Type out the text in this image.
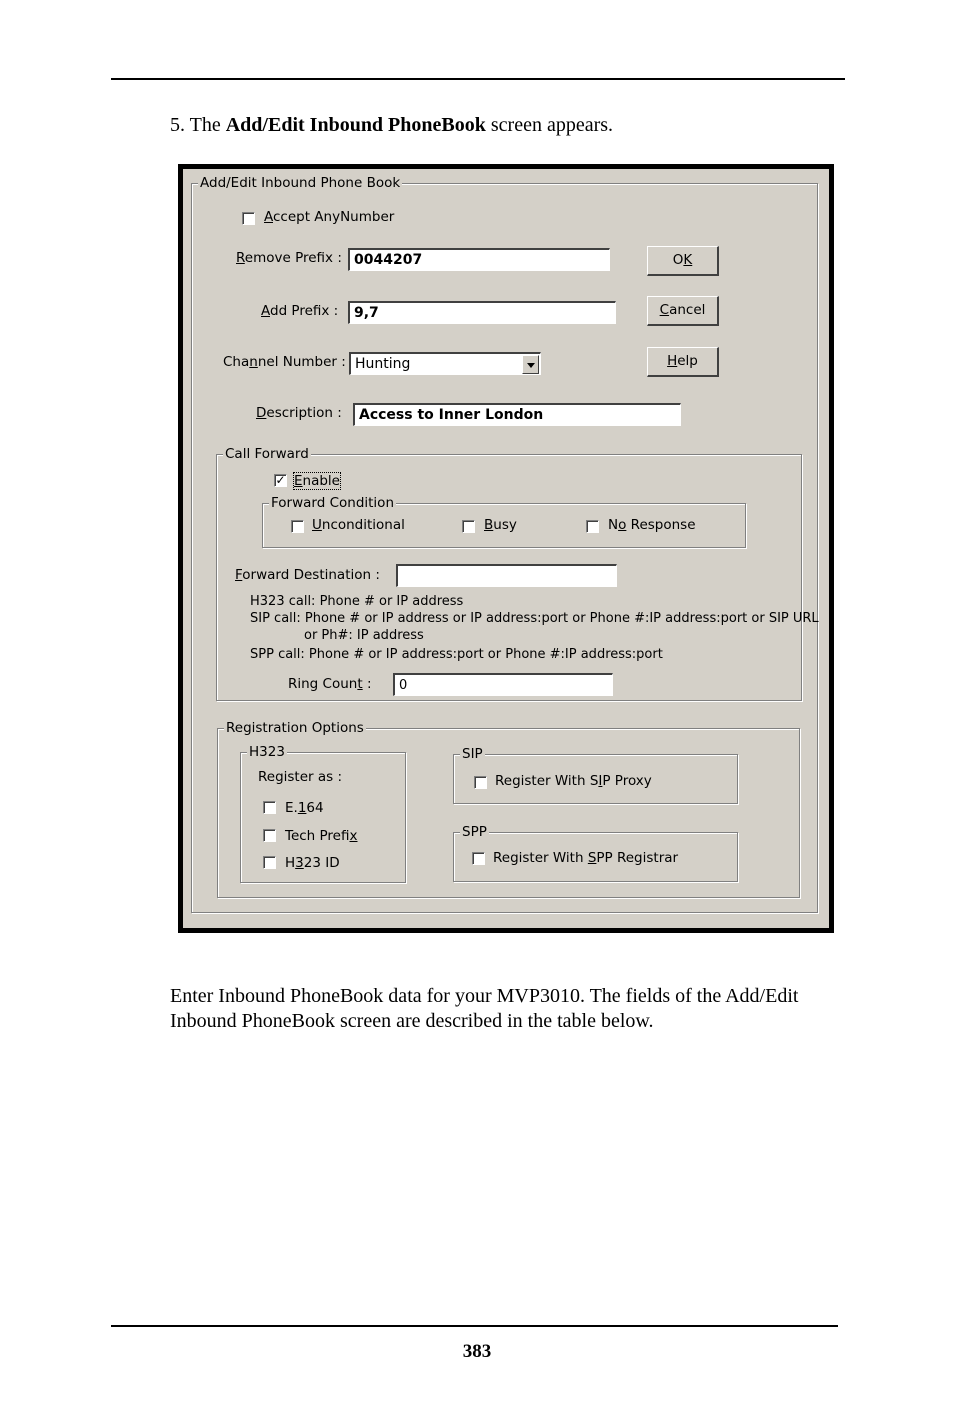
5. The Add/Edit Inbound PhoneBook screen appears.
Add/Edit Inbound Phone Book
Accept AnyNumber
Remove Prefix : 0044207
Add Prefix :	9,7
Channel Number : Hunting
Description :	Access to Inner London
OK
Cancel
Help
Call Forward
✓ Enable
Forward Condition
Unconditional	Busy	No Response
Forward Destination :
H323 call: Phone # or IP address
SIP call: Phone # or IP address or IP address:port or Phone #:IP address:port or SIP URL
or Ph#: IP address
SPP call: Phone # or IP address:port or Phone #:IP address:port
Ring Count :	0
Registration Options
H323
Register as :
E.164
Tech Prefix
H323 ID
SIP
Register With SIP Proxy
SPP
Register With SPP Registrar
Enter Inbound PhoneBook data for your MVP3010. The fields of the Add/Edit Inbound PhoneBook screen are described in the table below.
383
